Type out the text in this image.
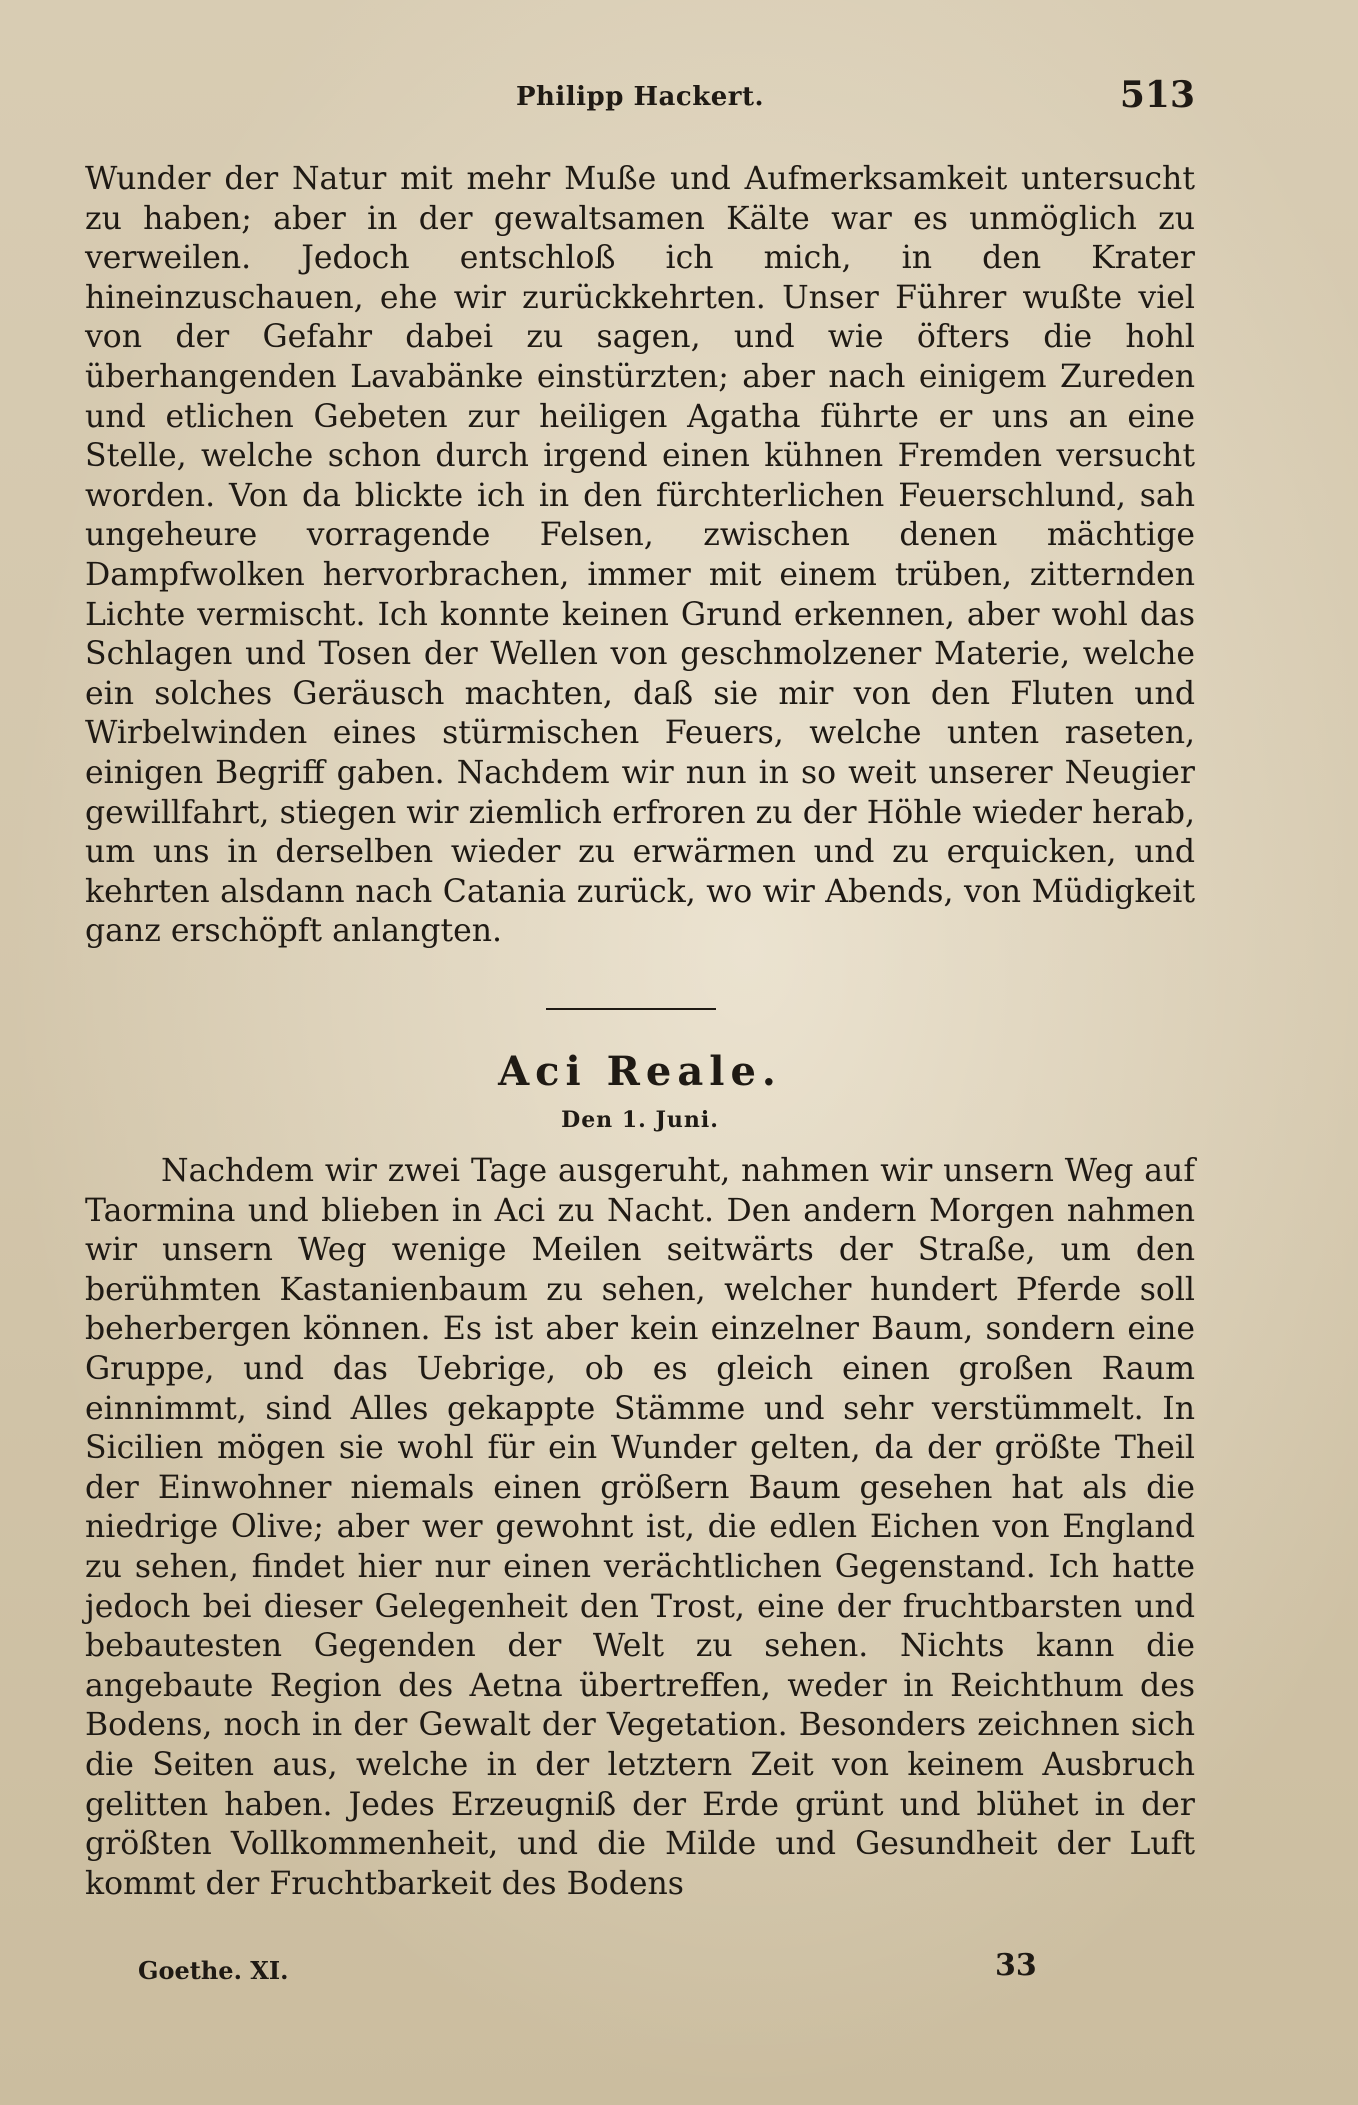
Philipp Hackert.	513

Wunder der Natur mit mehr Muße und Aufmerksamkeit untersucht zu haben; aber in der gewaltsamen Kälte war es unmöglich zu verweilen. Jedoch entschloß ich mich, in den Krater hineinzuschauen, ehe wir zurückkehrten. Unser Führer wußte viel von der Gefahr dabei zu sagen, und wie öfters die hohl überhangenden Lavabänke einstürzten; aber nach einigem Zureden und etlichen Gebeten zur heiligen Agatha führte er uns an eine Stelle, welche schon durch irgend einen kühnen Fremden versucht worden. Von da blickte ich in den fürchterlichen Feuerschlund, sah ungeheure vorragende Felsen, zwischen denen mächtige Dampfwolken hervorbrachen, immer mit einem trüben, zitternden Lichte vermischt. Ich konnte keinen Grund erkennen, aber wohl das Schlagen und Tosen der Wellen von geschmolzener Materie, welche ein solches Geräusch machten, daß sie mir von den Fluten und Wirbelwinden eines stürmischen Feuers, welche unten raseten, einigen Begriff gaben. Nachdem wir nun in so weit unserer Neugier gewillfahrt, stiegen wir ziemlich erfroren zu der Höhle wieder herab, um uns in derselben wieder zu erwärmen und zu erquicken, und kehrten alsdann nach Catania zurück, wo wir Abends, von Müdigkeit ganz erschöpft anlangten.

Aci Reale.
Den 1. Juni.

Nachdem wir zwei Tage ausgeruht, nahmen wir unsern Weg auf Taormina und blieben in Aci zu Nacht. Den andern Morgen nahmen wir unsern Weg wenige Meilen seitwärts der Straße, um den berühmten Kastanienbaum zu sehen, welcher hundert Pferde soll beherbergen können. Es ist aber kein einzelner Baum, sondern eine Gruppe, und das Uebrige, ob es gleich einen großen Raum einnimmt, sind Alles gekappte Stämme und sehr verstümmelt. In Sicilien mögen sie wohl für ein Wunder gelten, da der größte Theil der Einwohner niemals einen größern Baum gesehen hat als die niedrige Olive; aber wer gewohnt ist, die edlen Eichen von England zu sehen, findet hier nur einen verächtlichen Gegenstand. Ich hatte jedoch bei dieser Gelegenheit den Trost, eine der fruchtbarsten und bebautesten Gegenden der Welt zu sehen. Nichts kann die angebaute Region des Aetna übertreffen, weder in Reichthum des Bodens, noch in der Gewalt der Vegetation. Besonders zeichnen sich die Seiten aus, welche in der letztern Zeit von keinem Ausbruch gelitten haben. Jedes Erzeugniß der Erde grünt und blühet in der größten Vollkommenheit, und die Milde und Gesundheit der Luft kommt der Fruchtbarkeit des Bodens

Goethe. XI.	33
